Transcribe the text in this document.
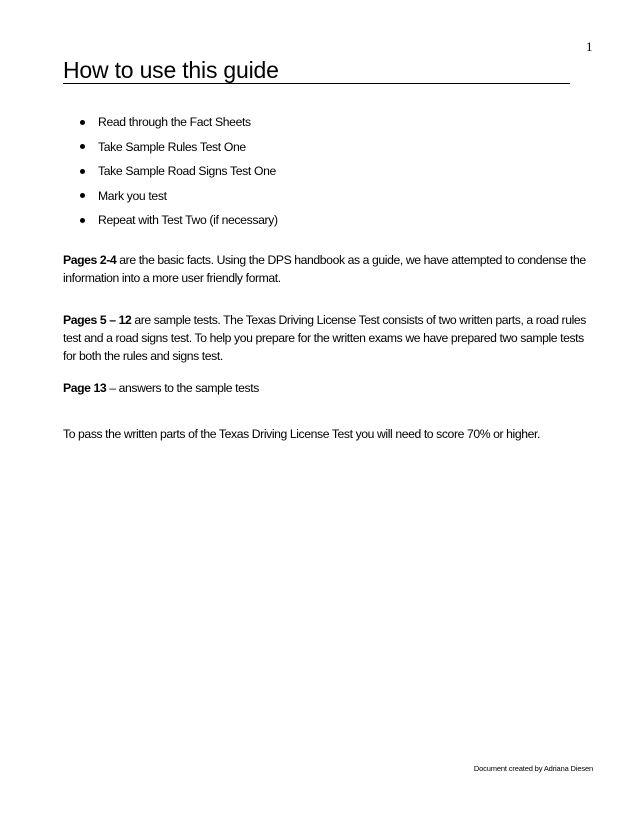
1
How to use this guide
Read through the Fact Sheets
Take Sample Rules Test One
Take Sample Road Signs Test One
Mark you test
Repeat with Test Two (if necessary)

Pages 2-4 are the basic facts. Using the DPS handbook as a guide, we have attempted to condense the information into a more user friendly format.

Pages 5 – 12 are sample tests. The Texas Driving License Test consists of two written parts, a road rules test and a road signs test. To help you prepare for the written exams we have prepared two sample tests for both the rules and signs test.

Page 13 – answers to the sample tests

To pass the written parts of the Texas Driving License Test you will need to score 70% or higher.

Document created by Adriana Diesen
